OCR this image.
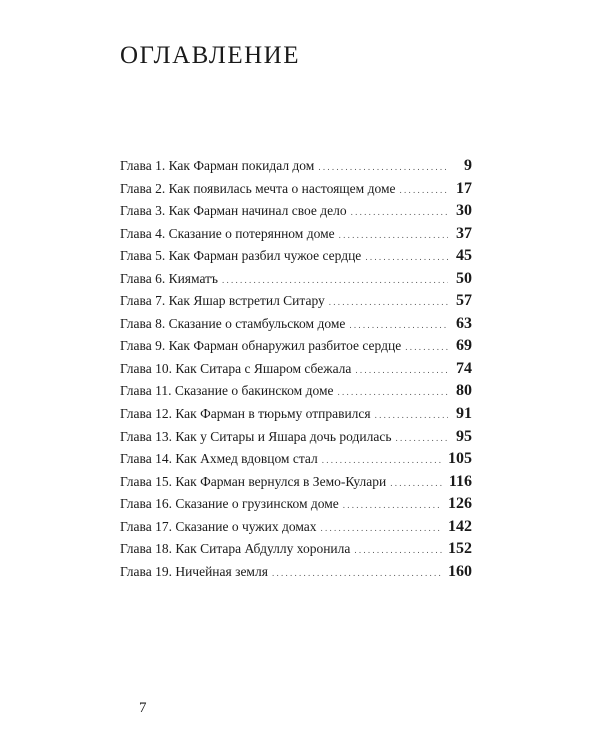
ОГЛАВЛЕНИЕ
Глава 1. Как Фарман покидал дом . . .	9
Глава 2. Как появилась мечта о настоящем доме . . .	17
Глава 3. Как Фарман начинал свое дело . . .	30
Глава 4. Сказание о потерянном доме . . .	37
Глава 5. Как Фарман разбил чужое сердце . . .	45
Глава 6. Кияматъ . . .	50
Глава 7. Как Яшар встретил Ситару . . .	57
Глава 8. Сказание о стамбульском доме . . .	63
Глава 9. Как Фарман обнаружил разбитое сердце . . .	69
Глава 10. Как Ситара с Яшаром сбежала . . .	74
Глава 11. Сказание о бакинском доме . . .	80
Глава 12. Как Фарман в тюрьму отправился . . .	91
Глава 13. Как у Ситары и Яшара дочь родилась . . .	95
Глава 14. Как Ахмед вдовцом стал . . .	105
Глава 15. Как Фарман вернулся в Земо-Кулари . . .	116
Глава 16. Сказание о грузинском доме . . .	126
Глава 17. Сказание о чужих домах . . .	142
Глава 18. Как Ситара Абдуллу хоронила . . .	152
Глава 19. Ничейная земля . . .	160
7
